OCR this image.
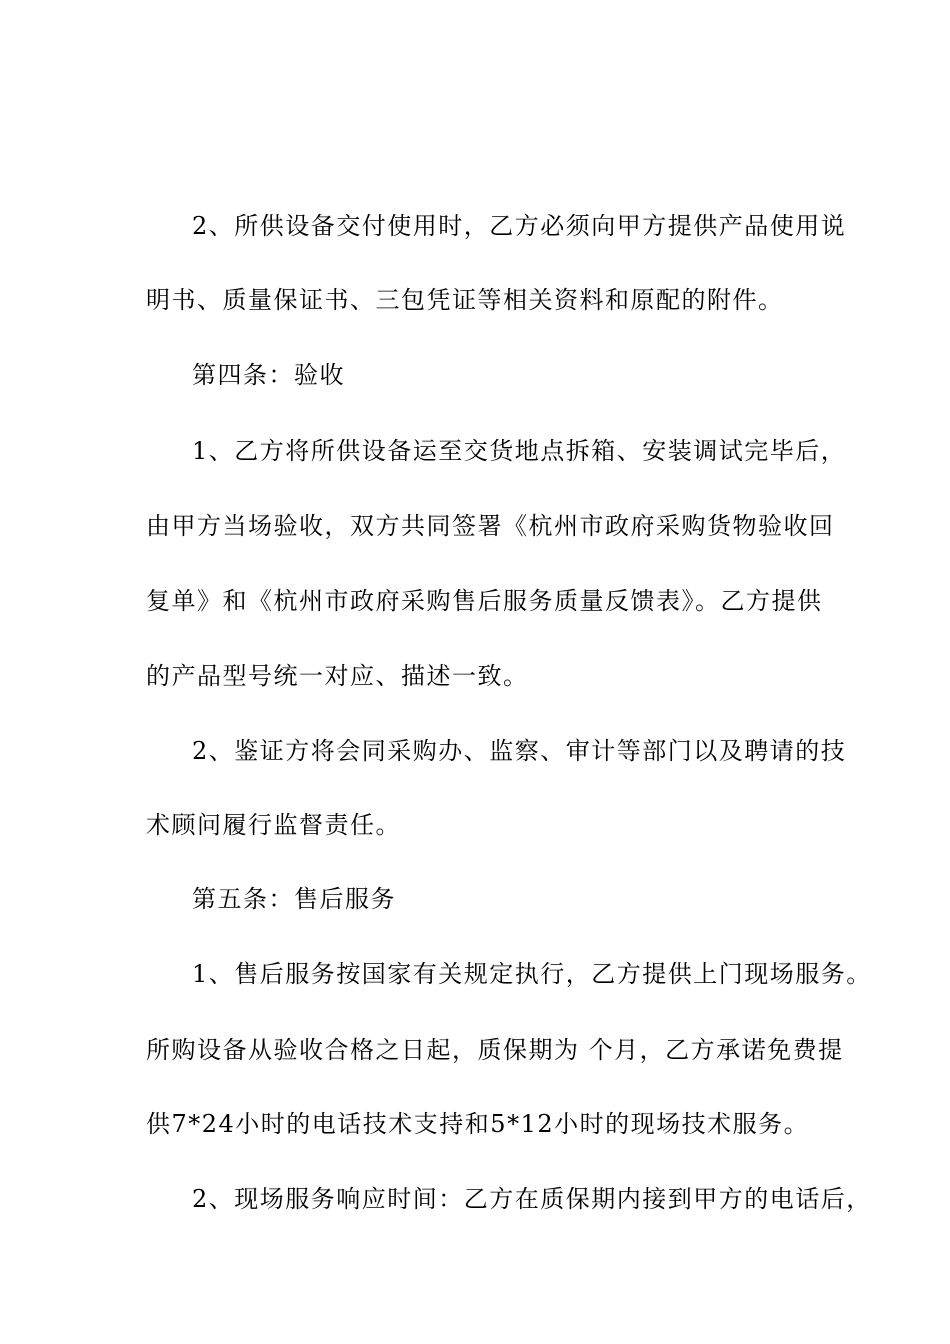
2、所供设备交付使用时，乙方必须向甲方提供产品使用说
明书、质量保证书、三包凭证等相关资料和原配的附件。
第四条：验收
1、乙方将所供设备运至交货地点拆箱、安装调试完毕后，
由甲方当场验收，双方共同签署《杭州市政府采购货物验收回
复单》和《杭州市政府采购售后服务质量反馈表》。乙方提供
的产品型号统一对应、描述一致。
2、鉴证方将会同采购办、监察、审计等部门以及聘请的技
术顾问履行监督责任。
第五条：售后服务
1、售后服务按国家有关规定执行，乙方提供上门现场服务。
所购设备从验收合格之日起，质保期为 个月，乙方承诺免费提
供7*24小时的电话技术支持和5*12小时的现场技术服务。
2、现场服务响应时间：乙方在质保期内接到甲方的电话后，
